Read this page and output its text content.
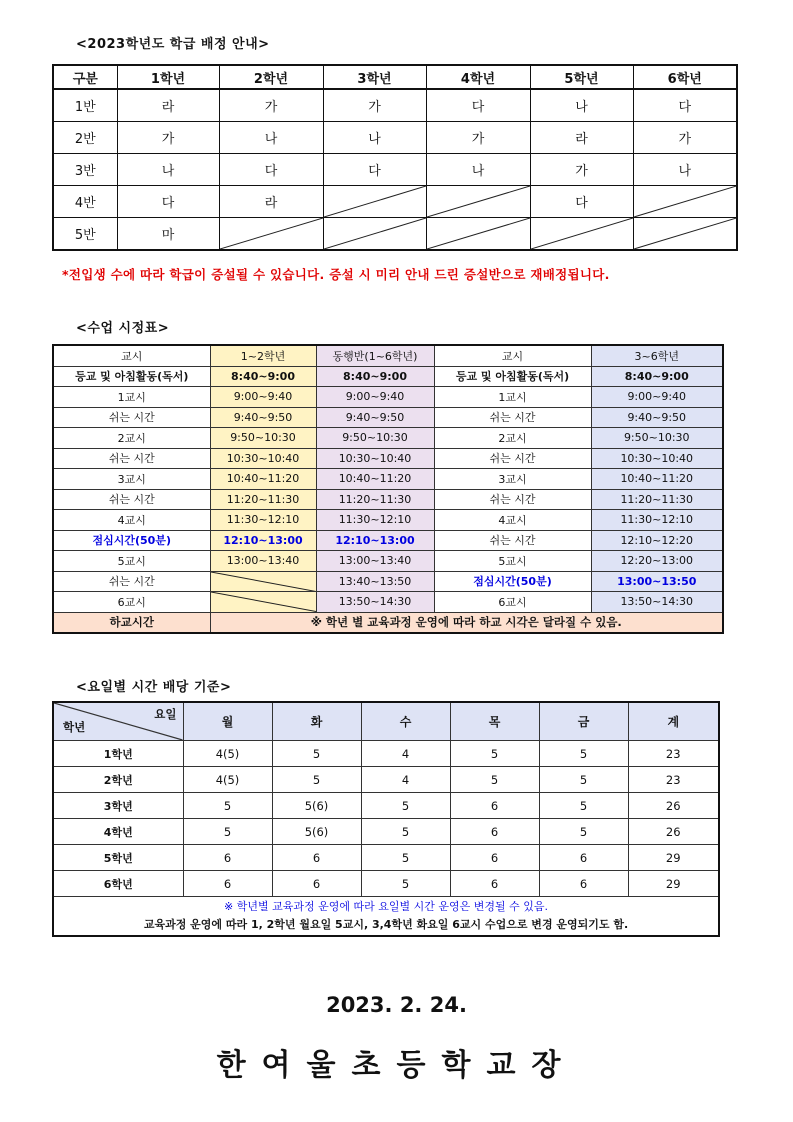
<2023학년도 학급 배정 안내>
구분	1학년	2학년	3학년	4학년	5학년	6학년
1반	라	가	가	다	나	다
2반	가	나	나	가	라	가
3반	나	다	다	나	가	나
4반	다	라			다	

5반	마	

*전입생 수에 따라 학급이 증설될 수 있습니다. 증설 시 미리 안내 드린 증설반으로 재배정됩니다.
<수업 시정표>
교시	1~2학년	동행반(1~6학년)	교시	3~6학년
등교 및 아침활동(독서)	8:40~9:00	8:40~9:00	등교 및 아침활동(독서)	8:40~9:00
1교시	9:00~9:40	9:00~9:40	1교시	9:00~9:40
쉬는 시간	9:40~9:50	9:40~9:50	쉬는 시간	9:40~9:50
2교시	9:50~10:30	9:50~10:30	2교시	9:50~10:30
쉬는 시간	10:30~10:40	10:30~10:40	쉬는 시간	10:30~10:40
3교시	10:40~11:20	10:40~11:20	3교시	10:40~11:20
쉬는 시간	11:20~11:30	11:20~11:30	쉬는 시간	11:20~11:30
4교시	11:30~12:10	11:30~12:10	4교시	11:30~12:10
점심시간(50분)	12:10~13:00	12:10~13:00	쉬는 시간	12:10~12:20
5교시	13:00~13:40	13:00~13:40	5교시	12:20~13:00
쉬는 시간		13:40~13:50	점심시간(50분)	13:00~13:50
6교시		13:50~14:30	6교시	13:50~14:30
하교시간	※ 학년 별 교육과정 운영에 따라 하교 시각은 달라질 수 있음.			
<요일별 시간 배당 기준>
요일
학년	월	화	수	목	금	계
1학년	4(5)	5	4	5	5	23
2학년	4(5)	5	4	5	5	23
3학년	5	5(6)	5	6	5	26
4학년	5	5(6)	5	6	5	26
5학년	6	6	5	6	6	29
6학년	6	6	5	6	6	29

※ 학년별 교육과정 운영에 따라 요일별 시간 운영은 변경될 수 있음.
교육과정 운영에 따라 1, 2학년 월요일 5교시, 3,4학년 화요일 6교시 수업으로 변경 운영되기도 함.						
2023. 2. 24.
한여울초등학교장
